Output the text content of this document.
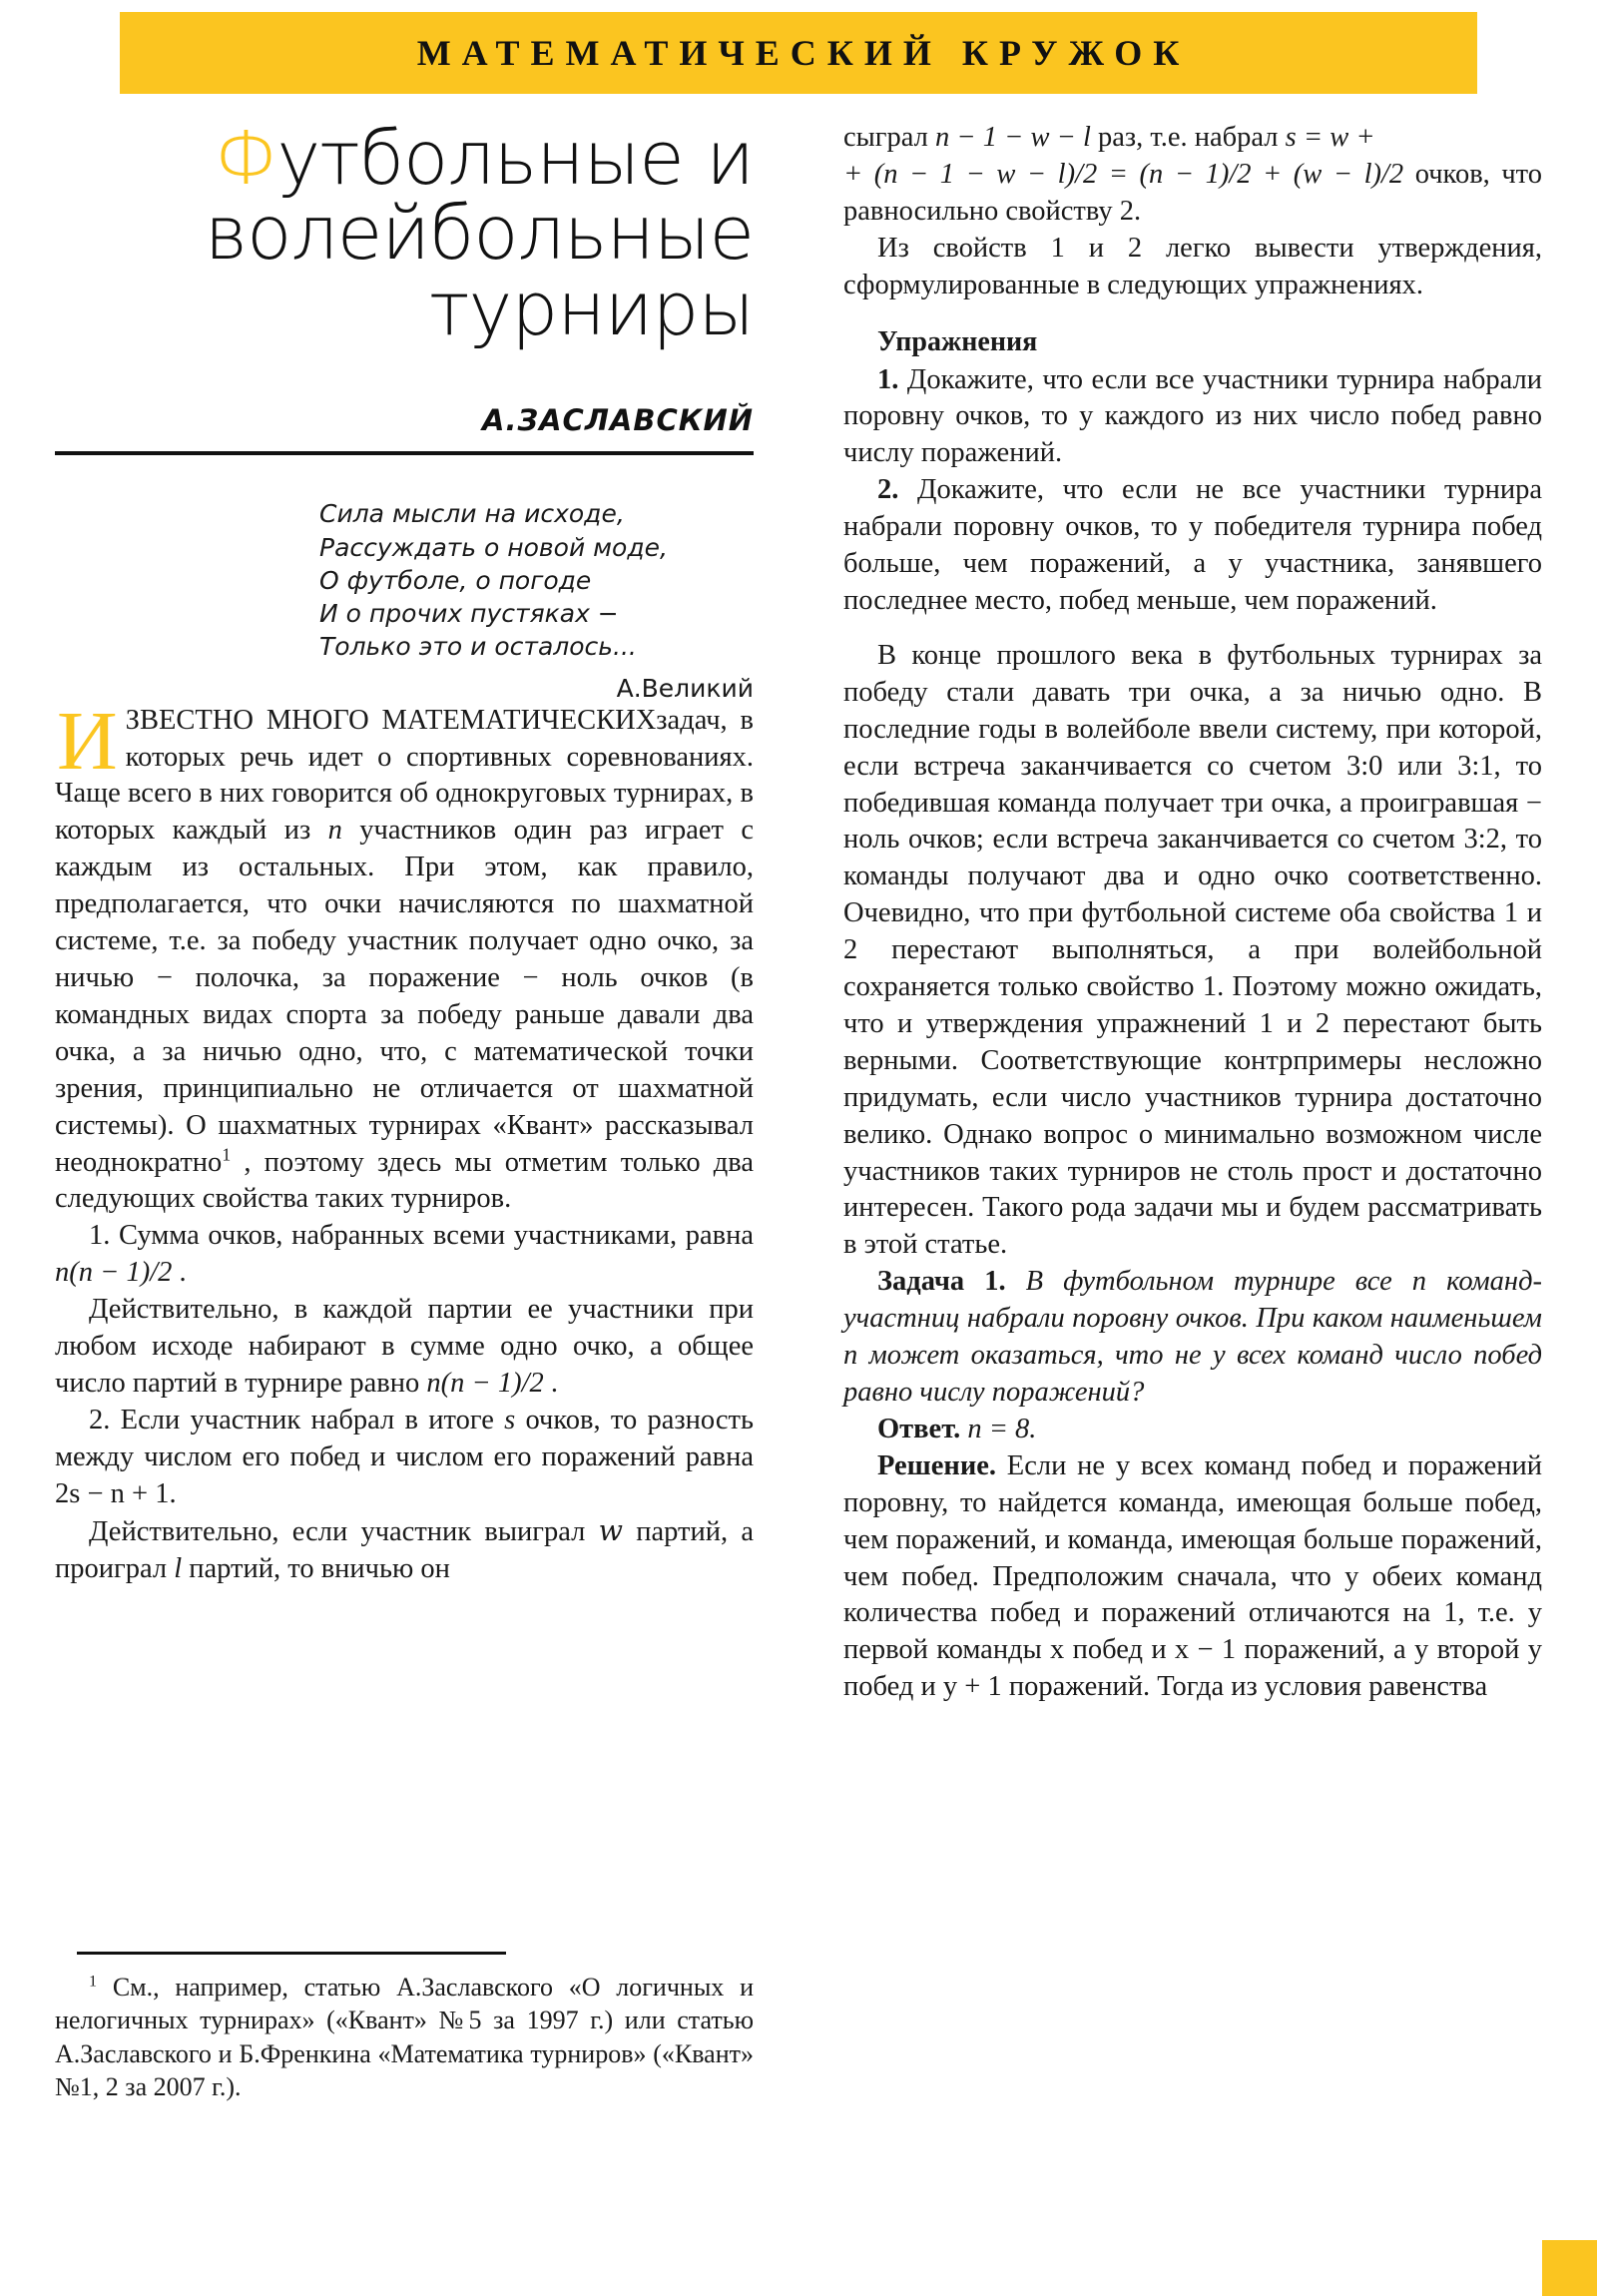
МАТЕМАТИЧЕСКИЙ КРУЖОК
Футбольные и
волейбольные
турниры
А.ЗАСЛАВСКИЙ
Сила мысли на исходе,
Рассуждать о новой моде,
О футболе, о погоде
И о прочих пустяках −
Только это и осталось...
А.Великий

ИЗВЕСТНО МНОГО МАТЕМАТИЧЕСКИХзадач, в которых речь идет о спортивных соревнованиях. Чаще всего в них говорится об однокруговых турнирах, в которых каждый из n участников один раз играет с каждым из остальных. При этом, как правило, предполагается, что очки начисляются по шахматной системе, т.е. за победу участник получает одно очко, за ничью − полочка, за поражение − ноль очков (в командных видах спорта за победу раньше давали два очка, а за ничью одно, что, с математической точки зрения, принципиально не отличается от шахматной системы). О шахматных турнирах «Квант» рассказывал неоднократно$^1$ , поэтому здесь мы отметим только два следующих свойства таких турниров.

1. Сумма очков, набранных всеми участниками, равна n(n − 1)/2 .

Действительно, в каждой партии ее участники при любом исходе набирают в сумме одно очко, а общее число партий в турнире равно n(n − 1)/2 .

2. Если участник набрал в итоге s очков, то разность между числом его побед и числом его поражений равна 2s − n + 1.

Действительно, если участник выиграл w партий, а проиграл l партий, то вничью он

$^1$ См., например, статью А.Заславского «О логичных и нелогичных турнирах» («Квант» №5 за 1997 г.) или статью А.Заславского и Б.Френкина «Математика турниров» («Квант» №1, 2 за 2007 г.).

сыграл n − 1 − w − l раз, т.е. набрал s = w +
+ (n − 1 − w − l)/2 = (n − 1)/2 + (w − l)/2 очков, что равносильно свойству 2.

Из свойств 1 и 2 легко вывести утверждения, сформулированные в следующих упражнениях.

Упражнения

1. Докажите, что если все участники турнира набрали поровну очков, то у каждого из них число побед равно числу поражений.

2. Докажите, что если не все участники турнира набрали поровну очков, то у победителя турнира побед больше, чем поражений, а у участника, занявшего последнее место, побед меньше, чем поражений.

В конце прошлого века в футбольных турнирах за победу стали давать три очка, а за ничью одно. В последние годы в волейболе ввели систему, при которой, если встреча заканчивается со счетом 3:0 или 3:1, то победившая команда получает три очка, а проигравшая − ноль очков; если встреча заканчивается со счетом 3:2, то команды получают два и одно очко соответственно. Очевидно, что при футбольной системе оба свойства 1 и 2 перестают выполняться, а при волейбольной сохраняется только свойство 1. Поэтому можно ожидать, что и утверждения упражнений 1 и 2 перестают быть верными. Соответствующие контрпримеры несложно придумать, если число участников турнира достаточно велико. Однако вопрос о минимально возможном числе участников таких турниров не столь прост и достаточно интересен. Такого рода задачи мы и будем рассматривать в этой статье.

Задача 1. В футбольном турнире все n команд-участниц набрали поровну очков. При каком наименьшем n может оказаться, что не у всех команд число побед равно числу поражений?

Ответ. n = 8.

Решение. Если не у всех команд побед и поражений поровну, то найдется команда, имеющая больше побед, чем поражений, и команда, имеющая больше поражений, чем побед. Предположим сначала, что у обеих команд количества побед и поражений отличаются на 1, т.е. у первой команды x побед и x − 1 поражений, а у второй y побед и y + 1 поражений. Тогда из условия равенства
